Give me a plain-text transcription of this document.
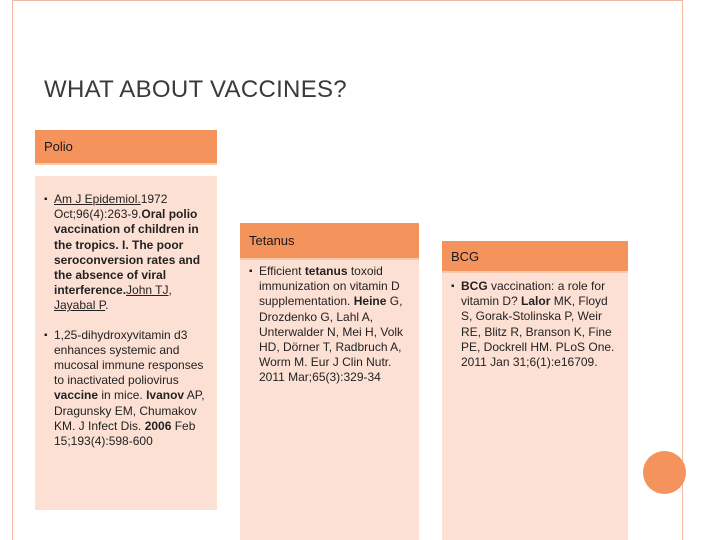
WHAT ABOUT VACCINES?
Polio
▪ Am J Epidemiol.1972 Oct;96(4):263-9.Oral polio vaccination of children in the tropics. I. The poor seroconversion rates and the absence of viral interference.John TJ, Jayabal P.
▪ 1,25-dihydroxyvitamin d3 enhances systemic and mucosal immune responses to inactivated poliovirus vaccine in mice. Ivanov AP, Dragunsky EM, Chumakov KM. J Infect Dis. 2006 Feb 15;193(4):598-600
Tetanus
▪ Efficient tetanus toxoid immunization on vitamin D supplementation. Heine G, Drozdenko G, Lahl A, Unterwalder N, Mei H, Volk HD, Dörner T, Radbruch A, Worm M. Eur J Clin Nutr. 2011 Mar;65(3):329-34
BCG
▪ BCG vaccination: a role for vitamin D? Lalor MK, Floyd S, Gorak-Stolinska P, Weir RE, Blitz R, Branson K, Fine PE, Dockrell HM. PLoS One. 2011 Jan 31;6(1):e16709.
